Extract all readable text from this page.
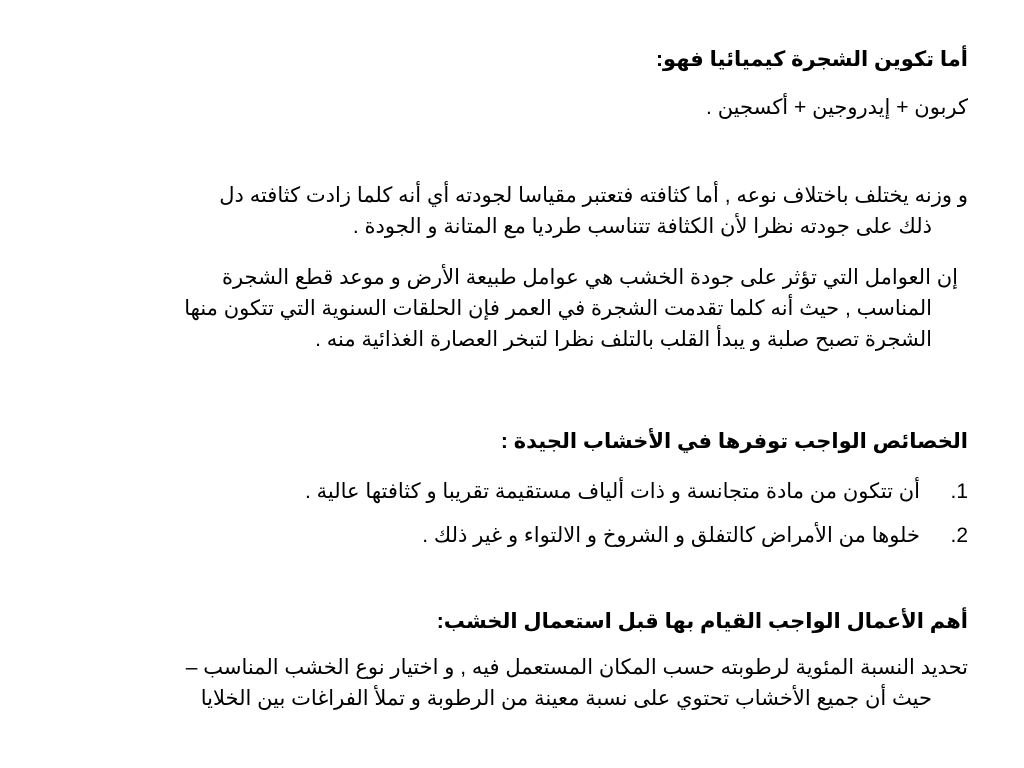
أما تكوين الشجرة كيميائيا فهو:

كربون + إيدروجين + أكسجين .

و وزنه يختلف باختلاف نوعه , أما كثافته فتعتبر مقياسا لجودته أي أنه كلما زادت كثافته دل
ذلك على جودته نظرا لأن الكثافة تتناسب طرديا مع المتانة و الجودة .
إن العوامل التي تؤثر على جودة الخشب هي عوامل طبيعة الأرض و موعد قطع الشجرة
المناسب , حيث أنه كلما تقدمت الشجرة في العمر فإن الحلقات السنوية التي تتكون منها
الشجرة تصبح صلبة و يبدأ القلب بالتلف نظرا لتبخر العصارة الغذائية منه .

الخصائص الواجب توفرها في الأخشاب الجيدة :

1.أن تتكون من مادة متجانسة و ذات ألياف مستقيمة تقريبا و كثافتها عالية .
2.خلوها من الأمراض كالتفلق و الشروخ و الالتواء و غير ذلك .

أهم الأعمال الواجب القيام بها قبل استعمال الخشب:

تحديد النسبة المئوية لرطوبته حسب المكان المستعمل فيه , و اختيار نوع الخشب المناسب –
حيث أن جميع الأخشاب تحتوي على نسبة معينة من الرطوبة و تملأ الفراغات بين الخلايا
